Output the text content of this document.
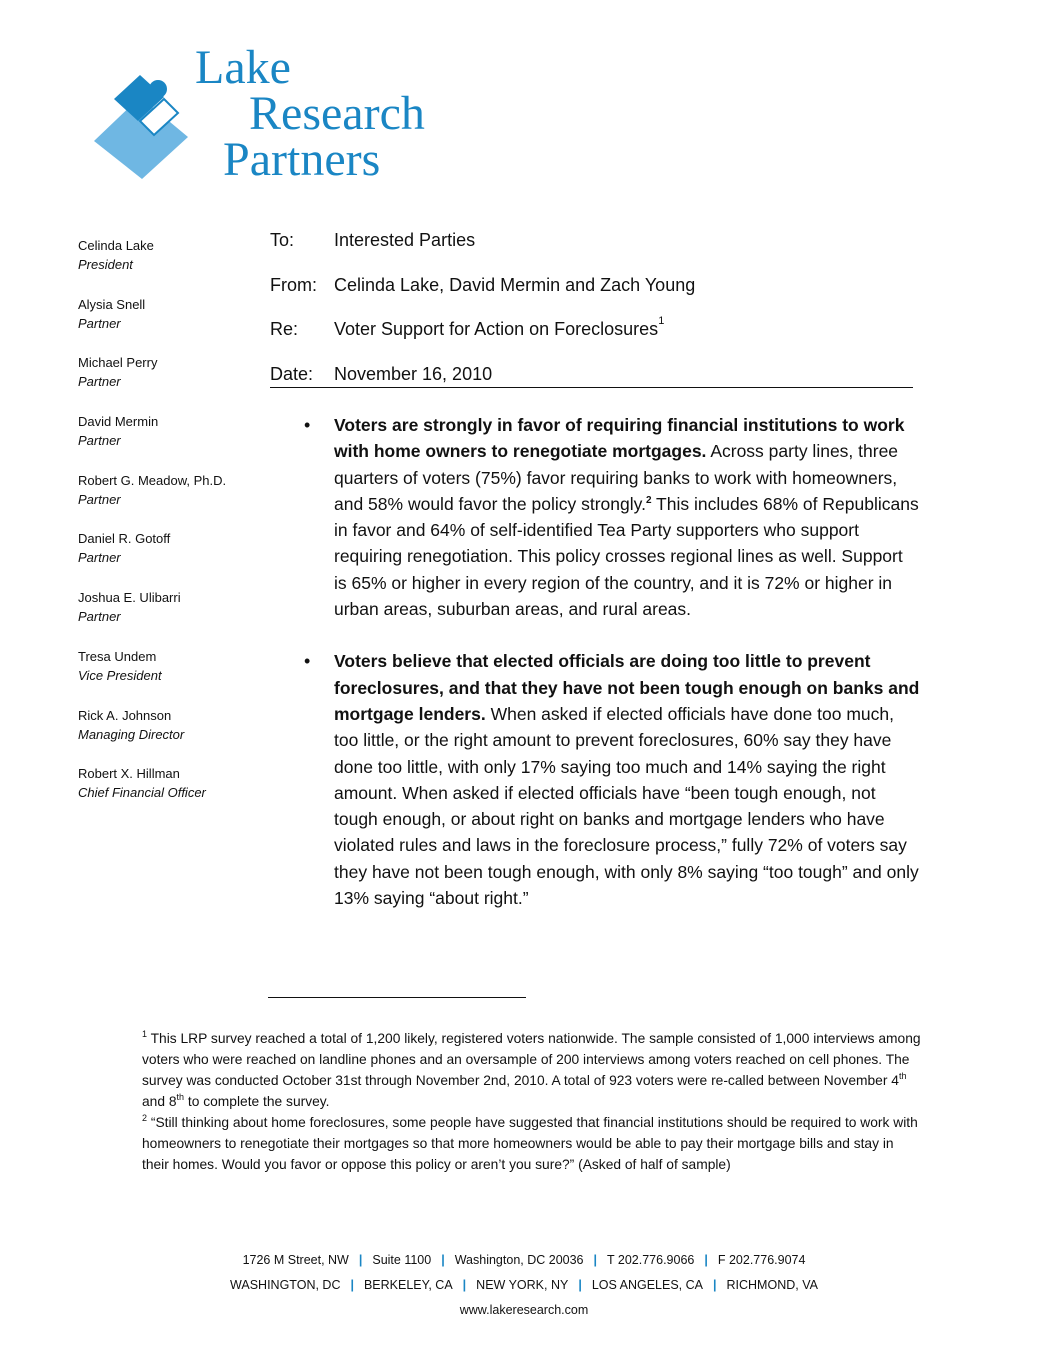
Lake
Research
Partners
Celinda Lake
President
Alysia Snell
Partner
Michael Perry
Partner
David Mermin
Partner
Robert G. Meadow, Ph.D.
Partner
Daniel R. Gotoff
Partner
Joshua E. Ulibarri
Partner
Tresa Undem
Vice President
Rick A. Johnson
Managing Director
Robert X. Hillman
Chief Financial Officer
To:	Interested Parties
From: Celinda Lake, David Mermin and Zach Young
Re:	Voter Support for Action on Foreclosures$^1$
Date:	November 16, 2010
• Voters are strongly in favor of requiring financial institutions to work with home owners to renegotiate mortgages. Across party lines, three quarters of voters (75%) favor requiring banks to work with homeowners, and 58% would favor the policy strongly.$^2$ This includes 68% of Republicans in favor and 64% of self-identified Tea Party supporters who support requiring renegotiation. This policy crosses regional lines as well. Support is 65% or higher in every region of the country, and it is 72% or higher in urban areas, suburban areas, and rural areas.
• Voters believe that elected officials are doing too little to prevent foreclosures, and that they have not been tough enough on banks and mortgage lenders. When asked if elected officials have done too much, too little, or the right amount to prevent foreclosures, 60% say they have done too little, with only 17% saying too much and 14% saying the right amount. When asked if elected officials have “been tough enough, not tough enough, or about right on banks and mortgage lenders who have violated rules and laws in the foreclosure process,” fully 72% of voters say they have not been tough enough, with only 8% saying “too tough” and only 13% saying “about right.”

$^1$ This LRP survey reached a total of 1,200 likely, registered voters nationwide. The sample consisted of 1,000 interviews among voters who were reached on landline phones and an oversample of 200 interviews among voters reached on cell phones. The survey was conducted October 31st through November 2nd, 2010. A total of 923 voters were re-called between November 4th and 8th to complete the survey.

$^2$ “Still thinking about home foreclosures, some people have suggested that financial institutions should be required to work with homeowners to renegotiate their mortgages so that more homeowners would be able to pay their mortgage bills and stay in their homes. Would you favor or oppose this policy or aren’t you sure?” (Asked of half of sample)

1726 M Street, NW | Suite 1100 | Washington, DC 20036 | T 202.776.9066 | F 202.776.9074
WASHINGTON, DC | BERKELEY, CA | NEW YORK, NY | LOS ANGELES, CA | RICHMOND, VA
www.lakeresearch.com
